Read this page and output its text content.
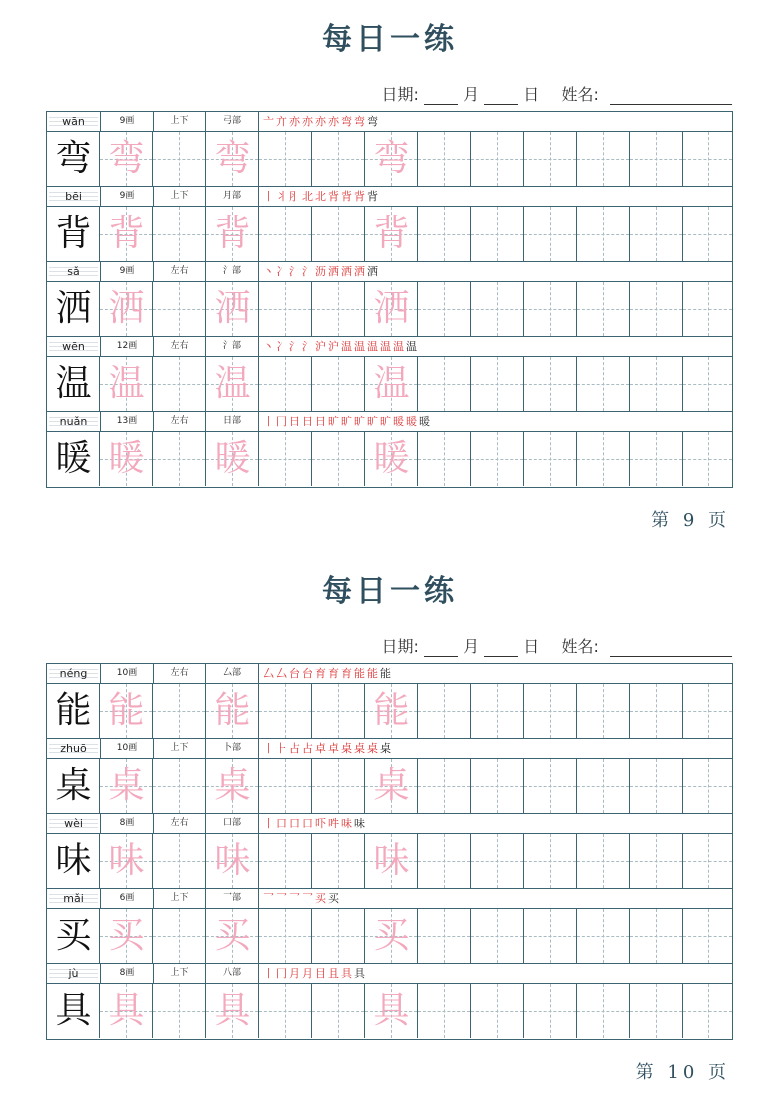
每日一练
日期:	月	日 姓名:
wān	9画	上下	弓部	亠亣亦亦亦亦弯弯弯
弯 弯 弯	弯
bēi	9画	上下	月部	丨丬⺼北北背背背背
背 背 背	背
sǎ	9画	左右	氵部	丶冫氵氵沥洒洒洒洒
洒 洒 洒	洒
wēn	12画	左右	氵部	丶冫氵氵沪沪温温温温温温
温 温 温	温
nuǎn	13画	左右	日部	丨冂日日日旷旷旷旷旷暖暖暖
暖 暖 暖	暖
第 9 页
每日一练
日期:	月	日 姓名:
néng	10画	左右	厶部	厶厶台台育育育能能能
能 能 能	能
zhuō	10画	上下	卜部	丨⺊占占卓卓桌桌桌桌
桌 桌 桌	桌
wèi	8画	左右	口部	丨口口口吓吽味味
味 味 味	味
mǎi	6画	上下	乛部	乛乛乛乛买买
买 买 买	买
jù	8画	上下	八部	丨冂月月目且具具
具 具 具	具
第 10 页
